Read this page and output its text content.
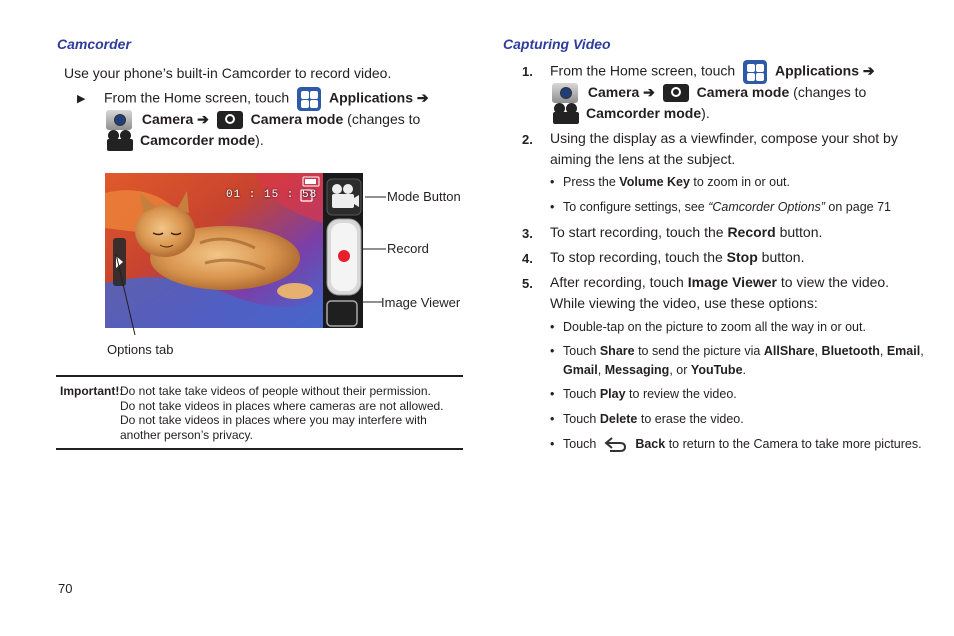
Camcorder
Use your phone’s built-in Camcorder to record video.
▶ From the Home screen, touch	Applications ➔
Camera ➔	Camera mode (changes to
Camcorder mode).
01 : 15 : 58	Mode Button
Record
Image Viewer
Options tab
Important!:
Do not take take videos of people without their permission.
Do not take videos in places where cameras are not allowed.
Do not take videos in places where you may interfere with
another person’s privacy.
Capturing Video
1. From the Home screen, touch	Applications ➔
Camera ➔	Camera mode (changes to
Camcorder mode).
2. Using the display as a viewfinder, compose your shot by
aiming the lens at the subject.
• Press the Volume Key to zoom in or out.
• To configure settings, see “Camcorder Options” on page 71
3. To start recording, touch the Record button.
4. To stop recording, touch the Stop button.
5. After recording, touch Image Viewer to view the video.
While viewing the video, use these options:
• Double-tap on the picture to zoom all the way in or out.
• Touch Share to send the picture via AllShare, Bluetooth, Email,
Gmail, Messaging, or YouTube.
• Touch Play to review the video.
• Touch Delete to erase the video.
• Touch	Back to return to the Camera to take more pictures.
70
